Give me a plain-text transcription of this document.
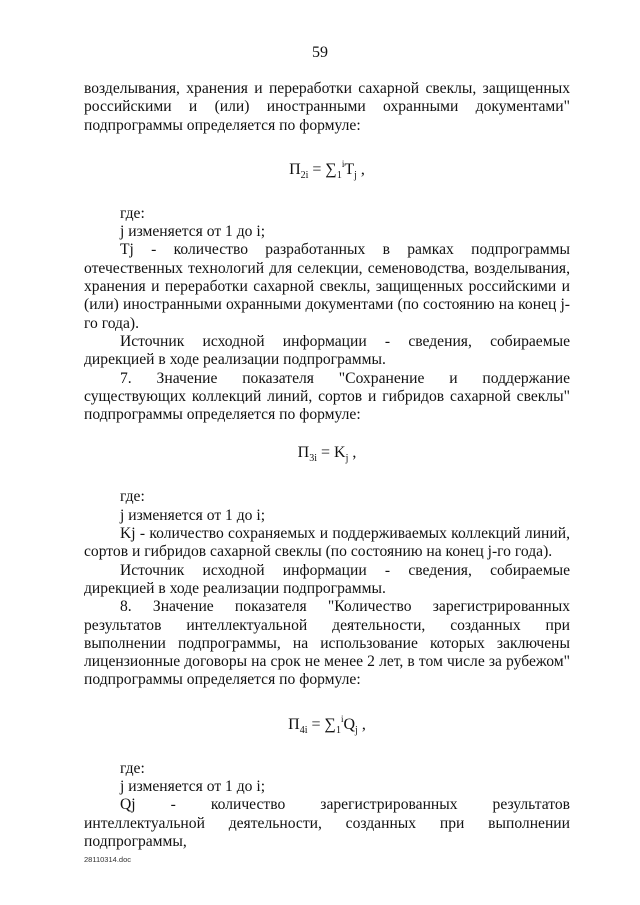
59

возделывания, хранения и переработки сахарной свеклы, защищенных российскими и (или) иностранными охранными документами" подпрограммы определяется по формуле:

$П_{2i} = \sum_1^iT_j$ ,

где:

j изменяется от 1 до i;

Tj - количество разработанных в рамках подпрограммы отечественных технологий для селекции, семеноводства, возделывания, хранения и переработки сахарной свеклы, защищенных российскими и (или) иностранными охранными документами (по состоянию на конец j-го года).

Источник исходной информации - сведения, собираемые дирекцией в ходе реализации подпрограммы.

7. Значение показателя "Сохранение и поддержание существующих коллекций линий, сортов и гибридов сахарной свеклы" подпрограммы определяется по формуле:

$П_{3i} = K_j$ ,

где:

j изменяется от 1 до i;

Kj - количество сохраняемых и поддерживаемых коллекций линий, сортов и гибридов сахарной свеклы (по состоянию на конец j-го года).

Источник исходной информации - сведения, собираемые дирекцией в ходе реализации подпрограммы.

8. Значение показателя "Количество зарегистрированных результатов интеллектуальной деятельности, созданных при выполнении подпрограммы, на использование которых заключены лицензионные договоры на срок не менее 2 лет, в том числе за рубежом" подпрограммы определяется по формуле:

$П_{4i} = \sum_1^iQ_j$ ,

где:

j изменяется от 1 до i;

Qj - количество зарегистрированных результатов интеллектуальной деятельности, созданных при выполнении подпрограммы,

28110314.doc
